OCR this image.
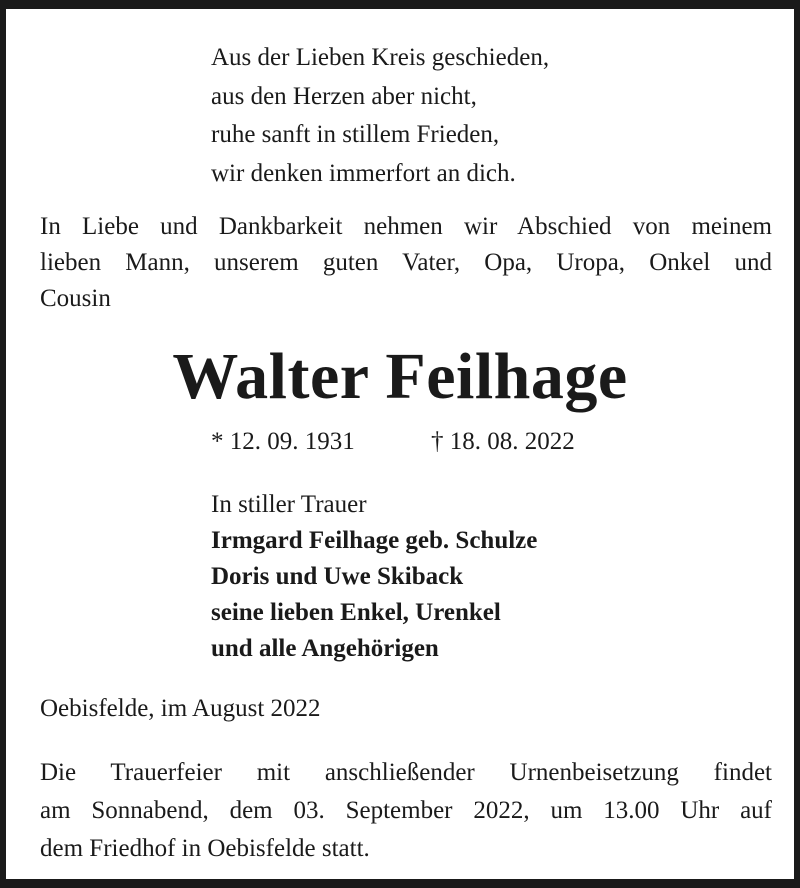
Aus der Lieben Kreis geschieden,
aus den Herzen aber nicht,
ruhe sanft in stillem Frieden,
wir denken immerfort an dich.
In Liebe und Dankbarkeit nehmen wir Abschied von meinem
lieben Mann, unserem guten Vater, Opa, Uropa, Onkel und
Cousin
Walter Feilhage
* 12. 09. 1931	† 18. 08. 2022
In stiller Trauer
Irmgard Feilhage geb. Schulze
Doris und Uwe Skiback
seine lieben Enkel, Urenkel
und alle Angehörigen
Oebisfelde, im August 2022
Die Trauerfeier mit anschließender Urnenbeisetzung findet
am Sonnabend, dem 03. September 2022, um 13.00 Uhr auf
dem Friedhof in Oebisfelde statt.
